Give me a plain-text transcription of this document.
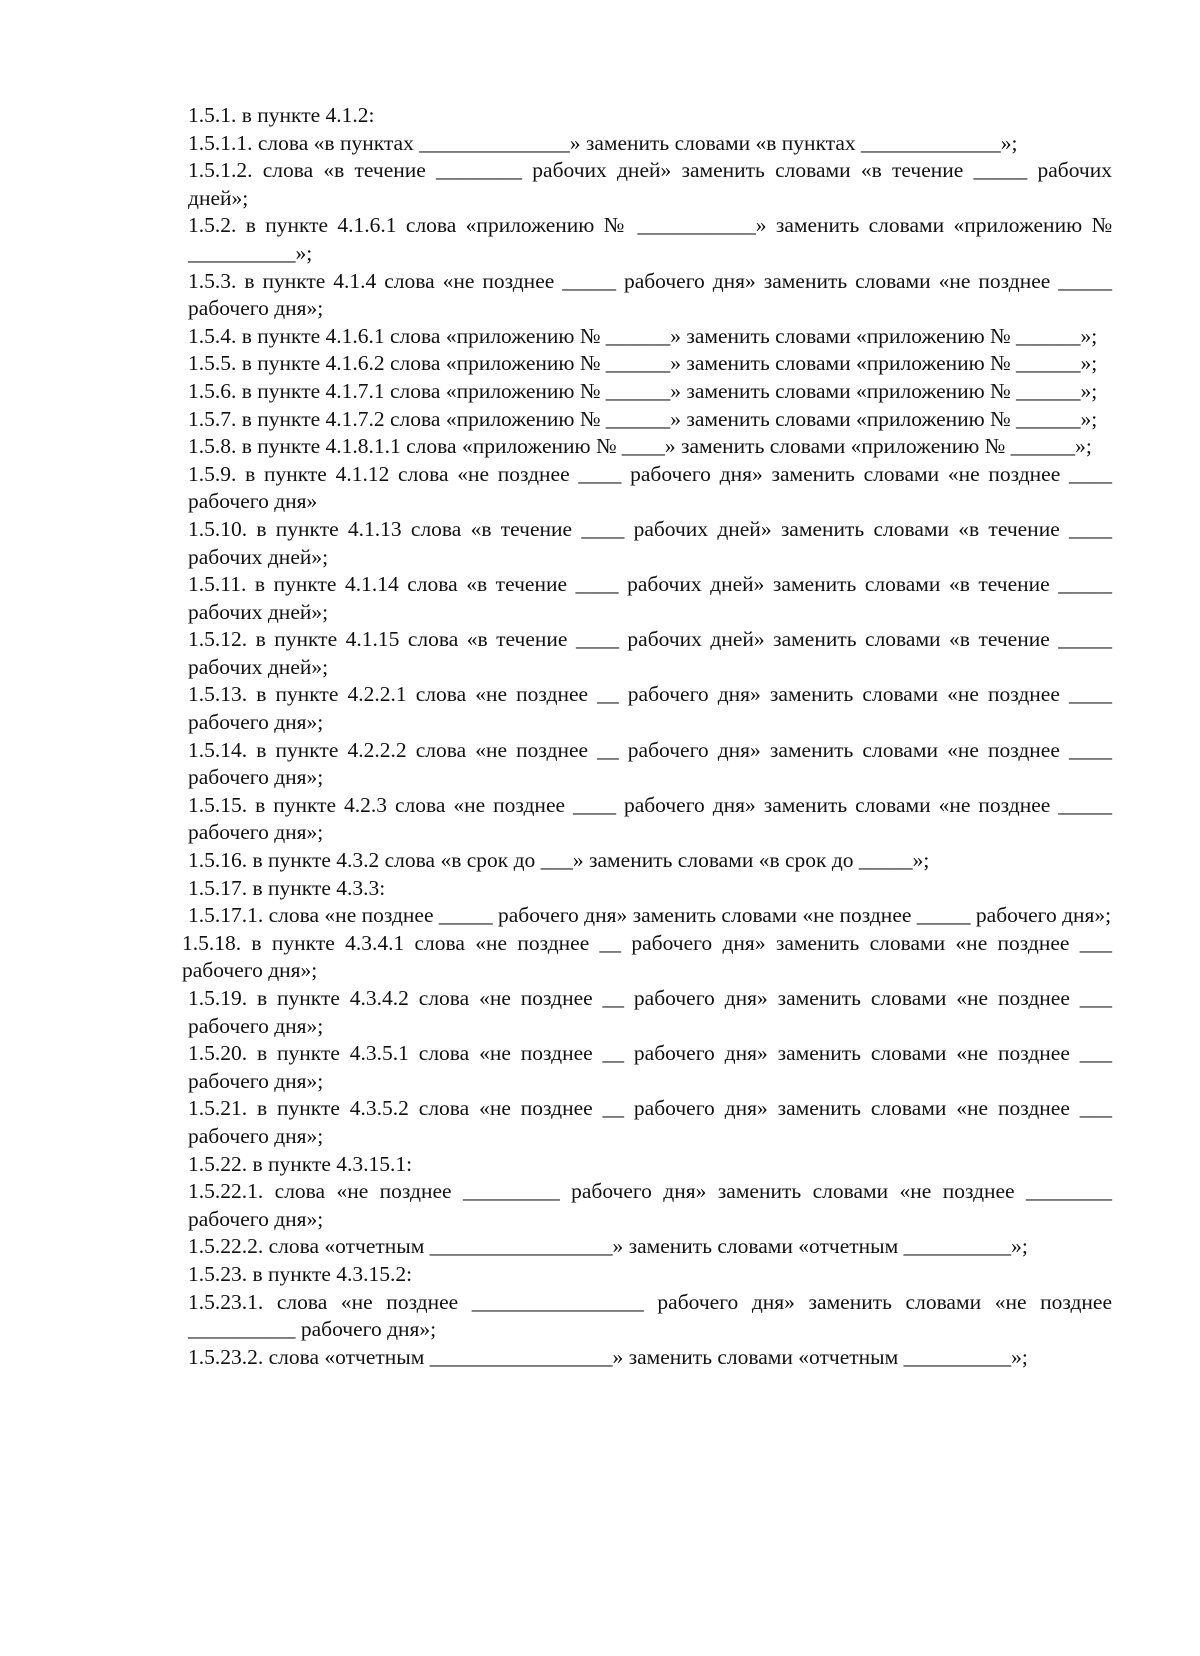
1.5.1. в пункте 4.1.2:

1.5.1.1. слова «в пунктах ______________» заменить словами «в пунктах _____________»;

1.5.1.2. слова «в течение ________ рабочих дней» заменить словами «в течение _____ рабочих дней»;

1.5.2. в пункте 4.1.6.1 слова «приложению № ___________» заменить словами «приложению № __________»;

1.5.3. в пункте 4.1.4 слова «не позднее _____ рабочего дня» заменить словами «не позднее _____ рабочего дня»;

1.5.4. в пункте 4.1.6.1 слова «приложению № ______» заменить словами «приложению № ______»;

1.5.5. в пункте 4.1.6.2 слова «приложению № ______» заменить словами «приложению № ______»;

1.5.6. в пункте 4.1.7.1 слова «приложению № ______» заменить словами «приложению № ______»;

1.5.7. в пункте 4.1.7.2 слова «приложению № ______» заменить словами «приложению № ______»;

1.5.8. в пункте 4.1.8.1.1 слова «приложению № ____» заменить словами «приложению № ______»;

1.5.9. в пункте 4.1.12 слова «не позднее ____ рабочего дня» заменить словами «не позднее ____ рабочего дня»

1.5.10. в пункте 4.1.13 слова «в течение ____ рабочих дней» заменить словами «в течение ____ рабочих дней»;

1.5.11. в пункте 4.1.14 слова «в течение ____ рабочих дней» заменить словами «в течение _____ рабочих дней»;

1.5.12. в пункте 4.1.15 слова «в течение ____ рабочих дней» заменить словами «в течение _____ рабочих дней»;

1.5.13. в пункте 4.2.2.1 слова «не позднее __ рабочего дня» заменить словами «не позднее ____ рабочего дня»;

1.5.14. в пункте 4.2.2.2 слова «не позднее __ рабочего дня» заменить словами «не позднее ____ рабочего дня»;

1.5.15. в пункте 4.2.3 слова «не позднее ____ рабочего дня» заменить словами «не позднее _____ рабочего дня»;

1.5.16. в пункте 4.3.2 слова «в срок до ___» заменить словами «в срок до _____»;

1.5.17. в пункте 4.3.3:

1.5.17.1. слова «не позднее _____ рабочего дня» заменить словами «не позднее _____ рабочего дня»;

1.5.18. в пункте 4.3.4.1 слова «не позднее __ рабочего дня» заменить словами «не позднее ___ рабочего дня»;

1.5.19. в пункте 4.3.4.2 слова «не позднее __ рабочего дня» заменить словами «не позднее ___ рабочего дня»;

1.5.20. в пункте 4.3.5.1 слова «не позднее __ рабочего дня» заменить словами «не позднее ___ рабочего дня»;

1.5.21. в пункте 4.3.5.2 слова «не позднее __ рабочего дня» заменить словами «не позднее ___ рабочего дня»;

1.5.22. в пункте 4.3.15.1:

1.5.22.1. слова «не позднее _________ рабочего дня» заменить словами «не позднее ________ рабочего дня»;

1.5.22.2. слова «отчетным _________________» заменить словами «отчетным __________»;

1.5.23. в пункте 4.3.15.2:

1.5.23.1. слова «не позднее ________________ рабочего дня» заменить словами «не позднее __________ рабочего дня»;

1.5.23.2. слова «отчетным _________________» заменить словами «отчетным __________»;
